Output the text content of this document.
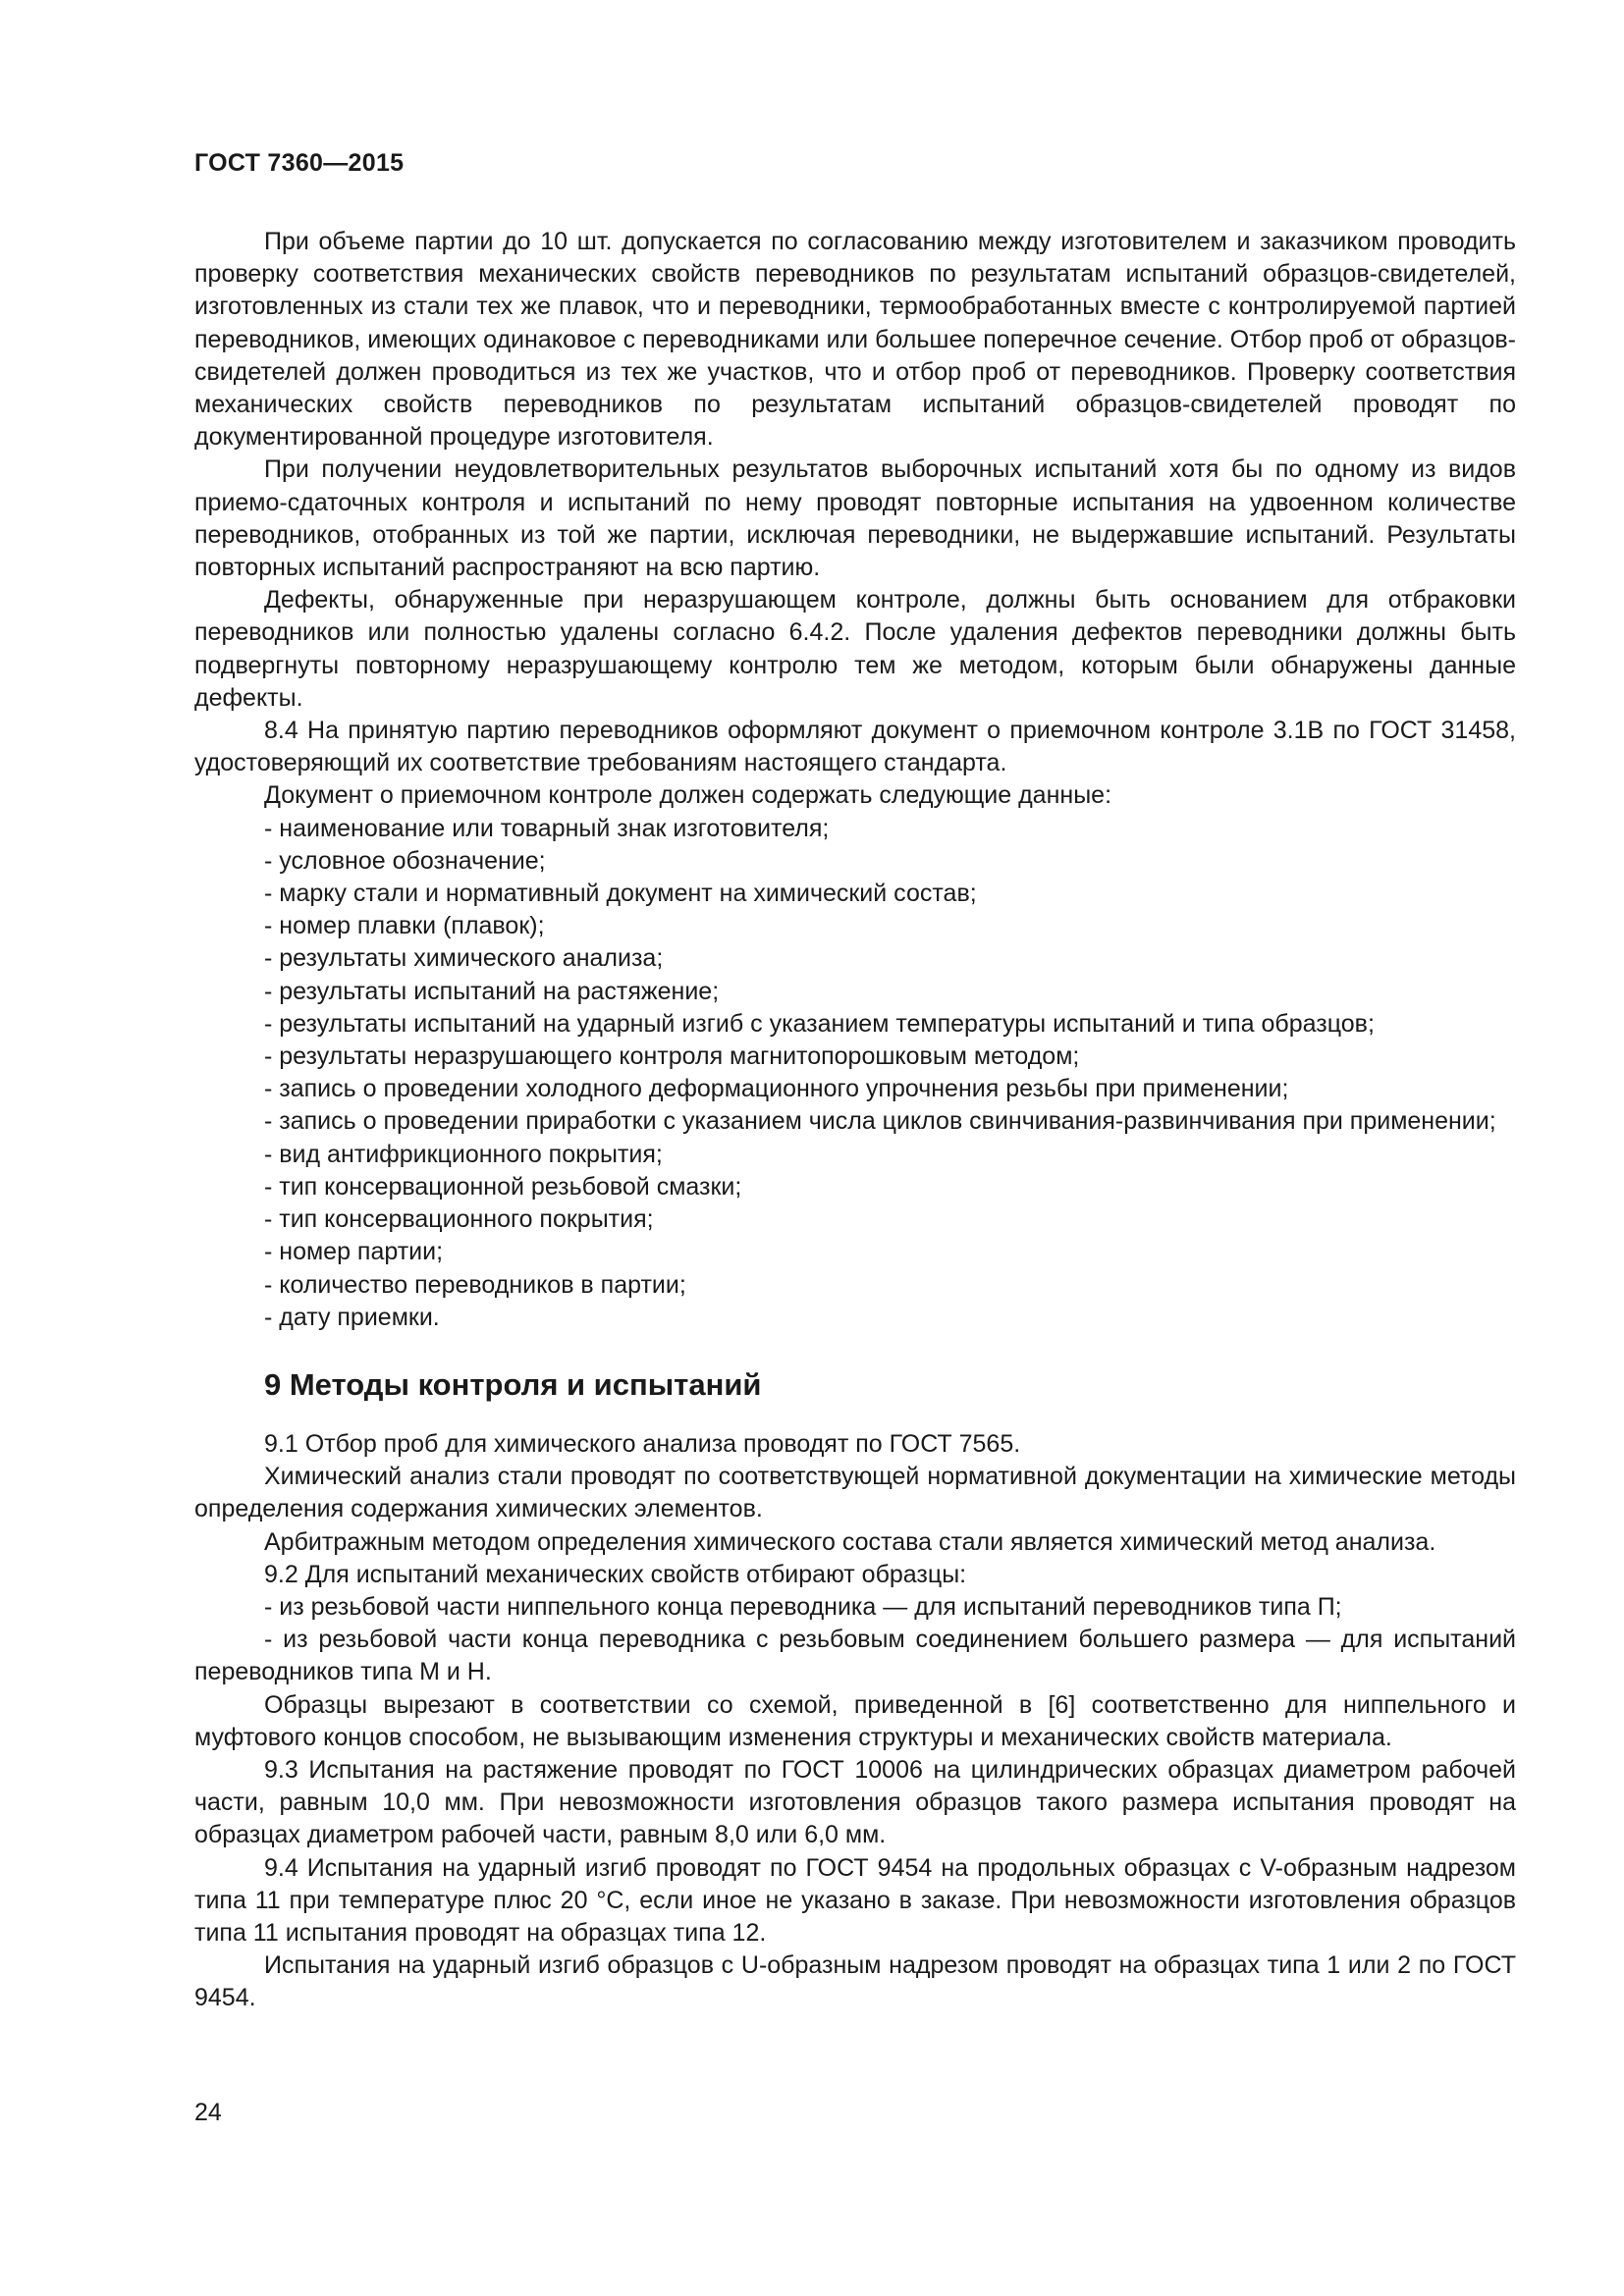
ГОСТ 7360—2015

При объеме партии до 10 шт. допускается по согласованию между изготовителем и заказчиком проводить проверку соответствия механических свойств переводников по результатам испытаний образцов-свидетелей, изготовленных из стали тех же плавок, что и переводники, термообработанных вместе с контролируемой партией переводников, имеющих одинаковое с переводниками или большее поперечное сечение. Отбор проб от образцов-свидетелей должен проводиться из тех же участков, что и отбор проб от переводников. Проверку соответствия механических свойств переводников по результатам испытаний образцов-свидетелей проводят по документированной процедуре изготовителя.

При получении неудовлетворительных результатов выборочных испытаний хотя бы по одному из видов приемо-сдаточных контроля и испытаний по нему проводят повторные испытания на удвоенном количестве переводников, отобранных из той же партии, исключая переводники, не выдержавшие испытаний. Результаты повторных испытаний распространяют на всю партию.

Дефекты, обнаруженные при неразрушающем контроле, должны быть основанием для отбраковки переводников или полностью удалены согласно 6.4.2. После удаления дефектов переводники должны быть подвергнуты повторному неразрушающему контролю тем же методом, которым были обнаружены данные дефекты.

8.4 На принятую партию переводников оформляют документ о приемочном контроле 3.1В по ГОСТ 31458, удостоверяющий их соответствие требованиям настоящего стандарта.

Документ о приемочном контроле должен содержать следующие данные:

- наименование или товарный знак изготовителя;

- условное обозначение;

- марку стали и нормативный документ на химический состав;

- номер плавки (плавок);

- результаты химического анализа;

- результаты испытаний на растяжение;

- результаты испытаний на ударный изгиб с указанием температуры испытаний и типа образцов;

- результаты неразрушающего контроля магнитопорошковым методом;

- запись о проведении холодного деформационного упрочнения резьбы при применении;

- запись о проведении приработки с указанием числа циклов свинчивания-развинчивания при применении;

- вид антифрикционного покрытия;

- тип консервационной резьбовой смазки;

- тип консервационного покрытия;

- номер партии;

- количество переводников в партии;

- дату приемки.

9 Методы контроля и испытаний

9.1 Отбор проб для химического анализа проводят по ГОСТ 7565.

Химический анализ стали проводят по соответствующей нормативной документации на химические методы определения содержания химических элементов.

Арбитражным методом определения химического состава стали является химический метод анализа.

9.2 Для испытаний механических свойств отбирают образцы:

- из резьбовой части ниппельного конца переводника — для испытаний переводников типа П;

- из резьбовой части конца переводника с резьбовым соединением большего размера — для испытаний переводников типа М и Н.

Образцы вырезают в соответствии со схемой, приведенной в [6] соответственно для ниппельного и муфтового концов способом, не вызывающим изменения структуры и механических свойств материала.

9.3 Испытания на растяжение проводят по ГОСТ 10006 на цилиндрических образцах диаметром рабочей части, равным 10,0 мм. При невозможности изготовления образцов такого размера испытания проводят на образцах диаметром рабочей части, равным 8,0 или 6,0 мм.

9.4 Испытания на ударный изгиб проводят по ГОСТ 9454 на продольных образцах с V-образным надрезом типа 11 при температуре плюс 20 °С, если иное не указано в заказе. При невозможности изготовления образцов типа 11 испытания проводят на образцах типа 12.

Испытания на ударный изгиб образцов с U-образным надрезом проводят на образцах типа 1 или 2 по ГОСТ 9454.

24
